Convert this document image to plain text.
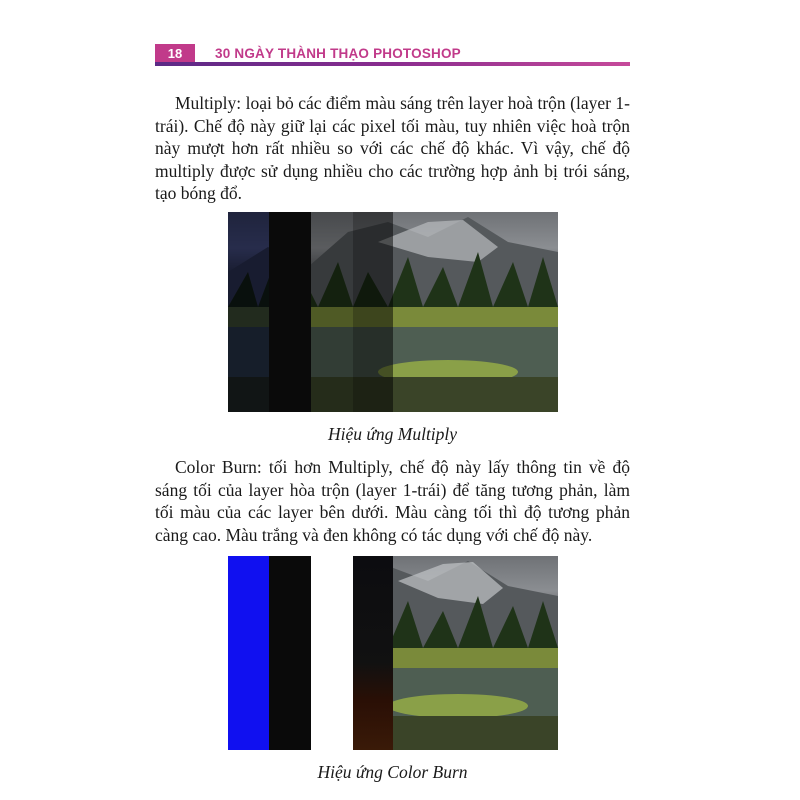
18	30 NGÀY THÀNH THẠO PHOTOSHOP

Multiply: loại bỏ các điểm màu sáng trên layer hoà trộn (layer 1-trái). Chế độ này giữ lại các pixel tối màu, tuy nhiên việc hoà trộn này mượt hơn rất nhiều so với các chế độ khác. Vì vậy, chế độ multiply được sử dụng nhiều cho các trường hợp ảnh bị trói sáng, tạo bóng đổ.

Hiệu ứng Multiply

Color Burn: tối hơn Multiply, chế độ này lấy thông tin về độ sáng tối của layer hòa trộn (layer 1-trái) để tăng tương phản, làm tối màu của các layer bên dưới. Màu càng tối thì độ tương phản càng cao. Màu trắng và đen không có tác dụng với chế độ này.

Hiệu ứng Color Burn
